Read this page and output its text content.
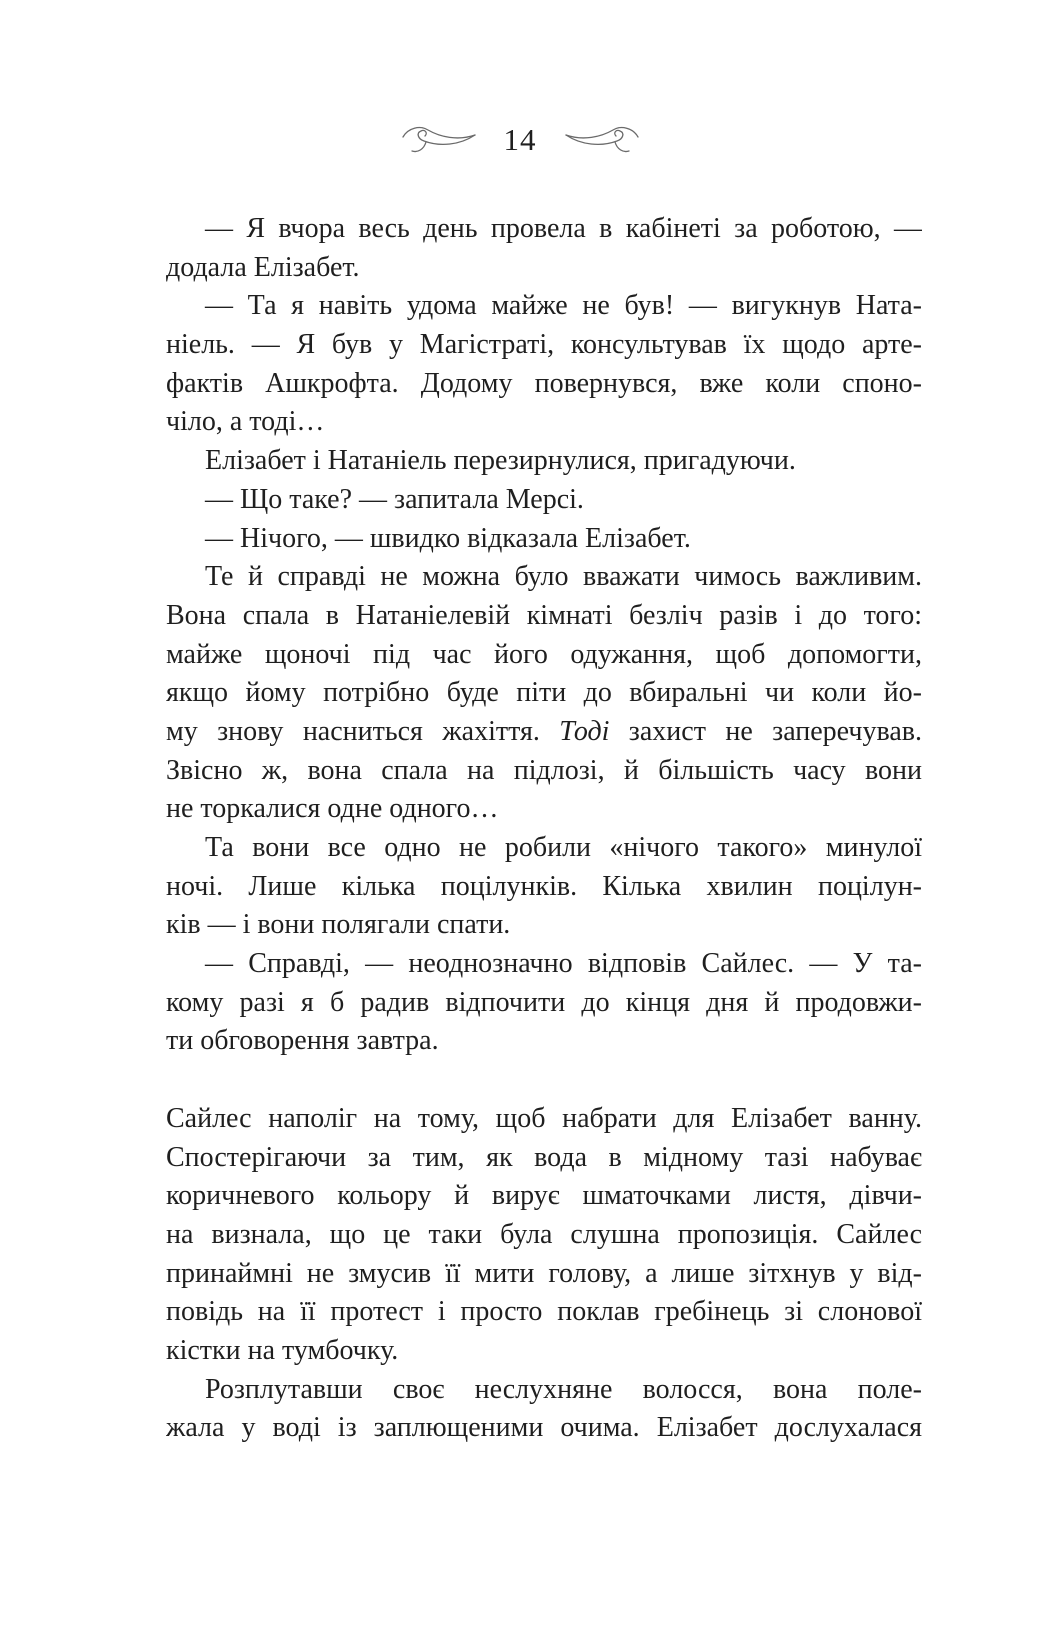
14
— Я вчора весь день провела в кабінеті за роботою, —
додала Елізабет.
— Та я навіть удома майже не був! — вигукнув Ната-
ніель. — Я був у Магістраті, консультував їх щодо арте-
фактів Ашкрофта. Додому повернувся, вже коли споно-
чіло, а тоді…
Елізабет і Натаніель перезирнулися, пригадуючи.
— Що таке? — запитала Мерсі.
— Нічого, — швидко відказала Елізабет.
Те й справді не можна було вважати чимось важливим.
Вона спала в Натаніелевій кімнаті безліч разів і до того:
майже щоночі під час його одужання, щоб допомогти,
якщо йому потрібно буде піти до вбиральні чи коли йо-
му знову насниться жахіття. Тоді захист не заперечував.
Звісно ж, вона спала на підлозі, й більшість часу вони
не торкалися одне одного…
Та вони все одно не робили «нічого такого» минулої
ночі. Лише кілька поцілунків. Кілька хвилин поцілун-
ків — і вони полягали спати.
— Справді, — неоднозначно відповів Сайлес. — У та-
кому разі я б радив відпочити до кінця дня й продовжи-
ти обговорення завтра.
Сайлес наполіг на тому, щоб набрати для Елізабет ванну.
Спостерігаючи за тим, як вода в мідному тазі набуває
коричневого кольору й вирує шматочками листя, дівчи-
на визнала, що це таки була слушна пропозиція. Сайлес
принаймні не змусив її мити голову, а лише зітхнув у від-
повідь на її протест і просто поклав гребінець зі слонової
кістки на тумбочку.
Розплутавши своє неслухняне волосся, вона поле-
жала у воді із заплющеними очима. Елізабет дослухалася
